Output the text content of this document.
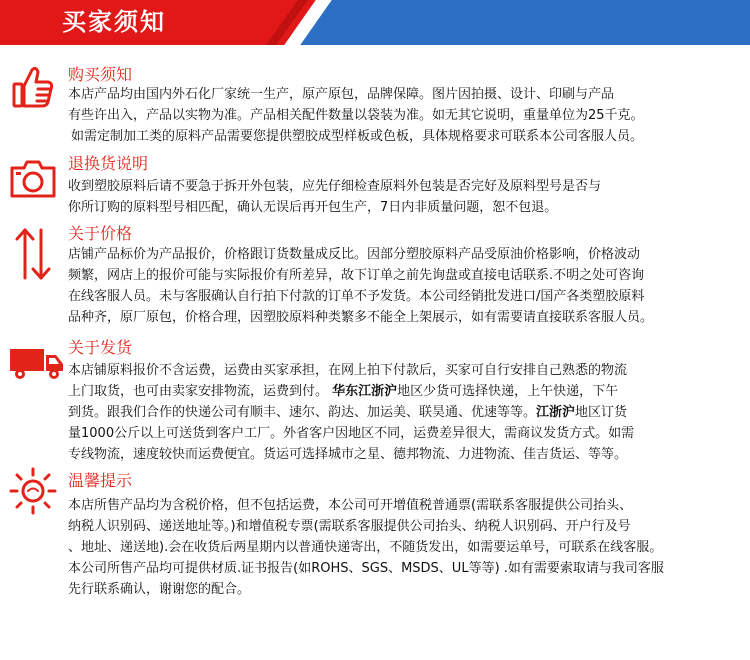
买家须知
购买须知

本店产品均由国内外石化厂家统一生产，原产原包，品牌保障。图片因拍摄、设计、印刷与产品

有些许出入，产品以实物为准。产品相关配件数量以袋装为准。如无其它说明，重量单位为25千克。

如需定制加工类的原料产品需要您提供塑胶成型样板或色板，具体规格要求可联系本公司客服人员。

退换货说明

收到塑胶原料后请不要急于拆开外包装，应先仔细检查原料外包装是否完好及原料型号是否与

你所订购的原料型号相匹配，确认无误后再开包生产，7日内非质量问题，恕不包退。

关于价格

店铺产品标价为产品报价，价格跟订货数量成反比。因部分塑胶原料产品受原油价格影响，价格波动

频繁，网店上的报价可能与实际报价有所差异，故下订单之前先询盘或直接电话联系.不明之处可咨询

在线客服人员。未与客服确认自行拍下付款的订单不予发货。本公司经销批发进口/国产各类塑胶原料

品种齐，原厂原包，价格合理，因塑胶原料种类繁多不能全上架展示，如有需要请直接联系客服人员。

关于发货

本店铺原料报价不含运费，运费由买家承担，在网上拍下付款后，买家可自行安排自己熟悉的物流

上门取货，也可由卖家安排物流，运费到付。 华东江浙沪地区少货可选择快递，上午快递，下午

到货。跟我们合作的快递公司有顺丰、速尔、韵达、加运美、联昊通、优速等等。江浙沪地区订货

量1000公斤以上可送货到客户工厂。外省客户因地区不同，运费差异很大，需商议发货方式。如需

专线物流，速度较快而运费便宜。货运可选择城市之星、德邦物流、力进物流、佳吉货运、等等。

温馨提示

本店所售产品均为含税价格，但不包括运费，本公司可开增值税普通票(需联系客服提供公司抬头、

纳税人识别码、递送地址等。)和增值税专票(需联系客服提供公司抬头、纳税人识别码、开户行及号

、地址、递送地).会在收货后两星期内以普通快递寄出，不随货发出，如需要运单号，可联系在线客服。

本公司所售产品均可提供材质.证书报告(如ROHS、SGS、MSDS、UL等等) .如有需要索取请与我司客服

先行联系确认，谢谢您的配合。
